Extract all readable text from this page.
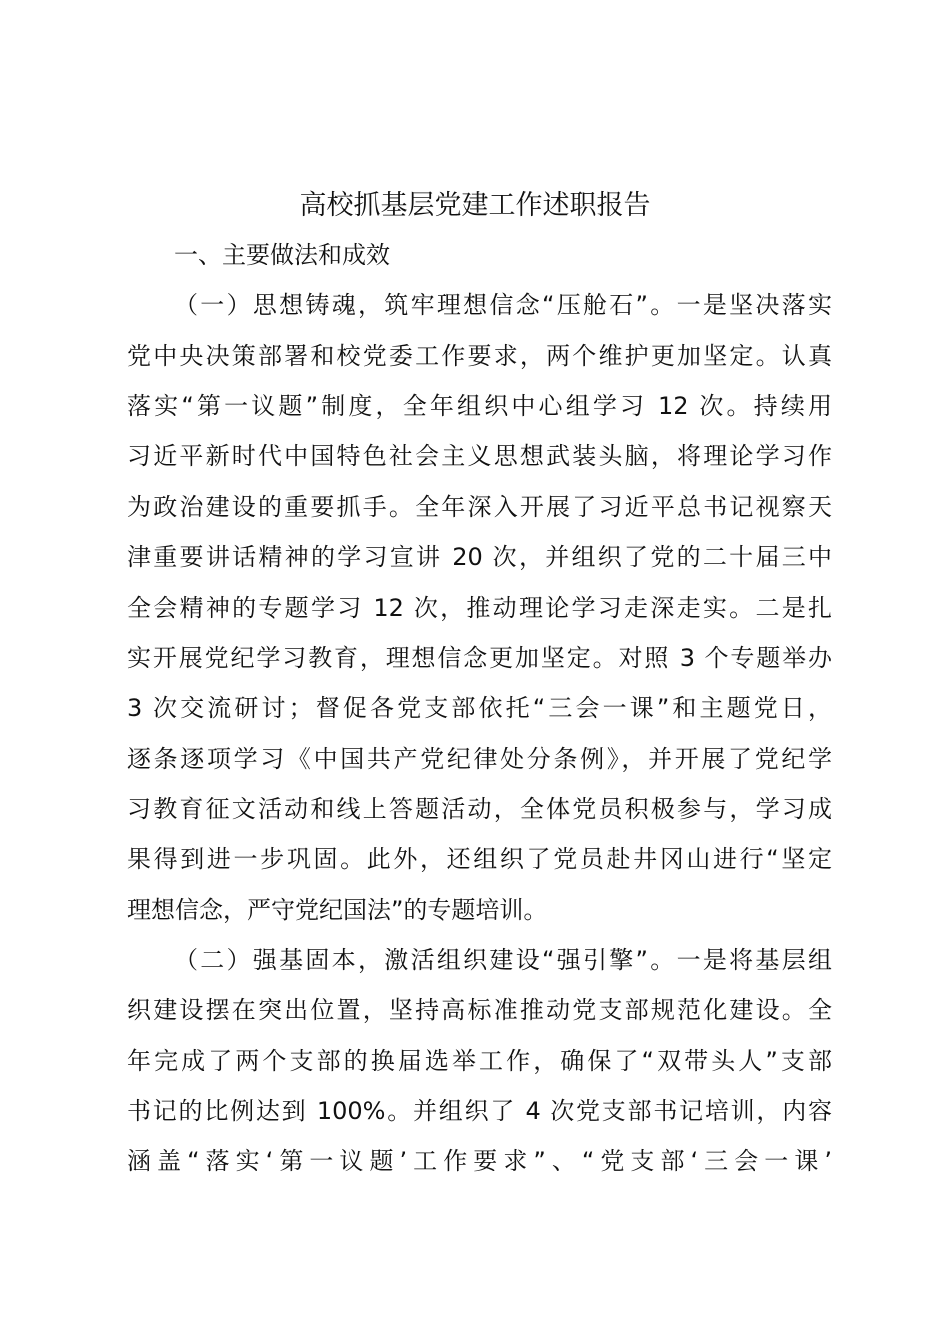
高校抓基层党建工作述职报告
一、主要做法和成效
（一）思想铸魂，筑牢理想信念“压舱石”。一是坚决落实
党中央决策部署和校党委工作要求，两个维护更加坚定。认真
落实“第一议题”制度，全年组织中心组学习 12 次。持续用
习近平新时代中国特色社会主义思想武装头脑，将理论学习作
为政治建设的重要抓手。全年深入开展了习近平总书记视察天
津重要讲话精神的学习宣讲 20 次，并组织了党的二十届三中
全会精神的专题学习 12 次，推动理论学习走深走实。二是扎
实开展党纪学习教育，理想信念更加坚定。对照 3 个专题举办
3 次交流研讨；督促各党支部依托“三会一课”和主题党日，
逐条逐项学习《中国共产党纪律处分条例》，并开展了党纪学
习教育征文活动和线上答题活动，全体党员积极参与，学习成
果得到进一步巩固。此外，还组织了党员赴井冈山进行“坚定
理想信念，严守党纪国法”的专题培训。
（二）强基固本，激活组织建设“强引擎”。一是将基层组
织建设摆在突出位置，坚持高标准推动党支部规范化建设。全
年完成了两个支部的换届选举工作，确保了“双带头人”支部
书记的比例达到 100%。并组织了 4 次党支部书记培训，内容
涵盖“落实‘第一议题’工作要求”、“党支部‘三会一课’
